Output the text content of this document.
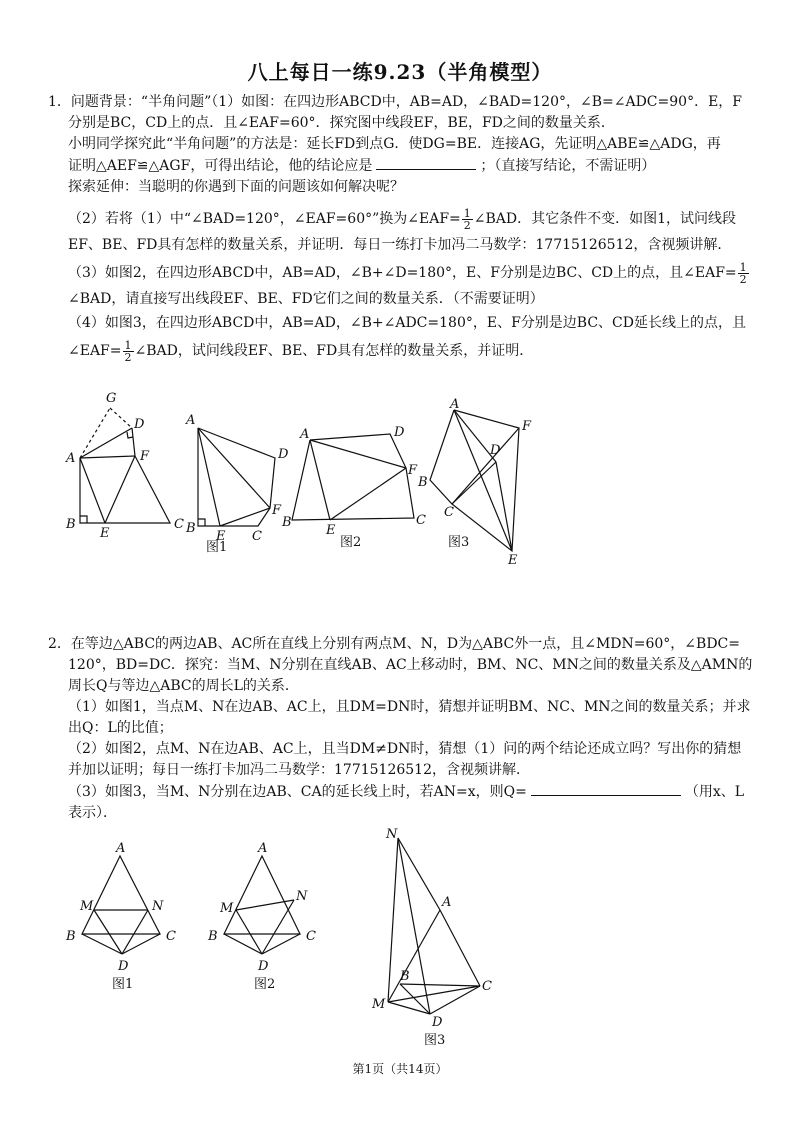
八上每日一练9.23（半角模型）
1．问题背景：“半角问题”（1）如图：在四边形ABCD中，AB=AD，∠BAD=120°，∠B=∠ADC=90°．E，F
分别是BC，CD上的点．且∠EAF=60°．探究图中线段EF，BE，FD之间的数量关系．
小明同学探究此“半角问题”的方法是：延长FD到点G．使DG=BE．连接AG，先证明△ABE≌△ADG，再
证明△AEF≌△AGF，可得出结论，他的结论应是	；（直接写结论，不需证明）
探索延伸：当聪明的你遇到下面的问题该如何解决呢？
（2）若将（1）中“∠BAD=120°，∠EAF=60°”换为∠EAF= $\frac{1}{2}$ ∠BAD．其它条件不变．如图1，试问线段
EF、BE、FD具有怎样的数量关系，并证明．每日一练打卡加冯二马数学：17715126512，含视频讲解．
（3）如图2，在四边形ABCD中，AB=AD，∠B+∠D=180°，E、F分别是边BC、CD上的点，且∠EAF= $\frac{1}{2}$
∠BAD，请直接写出线段EF、BE、FD它们之间的数量关系．（不需要证明）
（4）如图3，在四边形ABCD中，AB=AD，∠B+∠ADC=180°，E、F分别是边BC、CD延长线上的点，且
∠EAF= $\frac{1}{2}$ ∠BAD，试问线段EF、BE、FD具有怎样的数量关系，并证明．
G
D
A	F
B
E
C
A
D
F
B
E C
图1
A	D
F
B
E
C
图2
A
F
D
B
C
E
图3
2．在等边△ABC的两边AB、AC所在直线上分别有两点M、N，D为△ABC外一点，且∠MDN=60°，∠BDC=
120°，BD=DC．探究：当M、N分别在直线AB、AC上移动时，BM、NC、MN之间的数量关系及△AMN的
周长Q与等边△ABC的周长L的关系．
（1）如图1，当点M、N在边AB、AC上，且DM=DN时，猜想并证明BM、NC、MN之间的数量关系；并求
出Q：L的比值；
（2）如图2，点M、N在边AB、AC上，且当DM≠DN时，猜想（1）问的两个结论还成立吗？写出你的猜想
并加以证明；每日一练打卡加冯二马数学：17715126512，含视频讲解．
（3）如图3，当M、N分别在边AB、CA的延长线上时，若AN=x，则Q=	（用x、L
表示）．
A
M	N
B	C
D
图1
A
M
N
B	C
D
图2
N
A
B
C
M
D
图3
第1页（共14页）
